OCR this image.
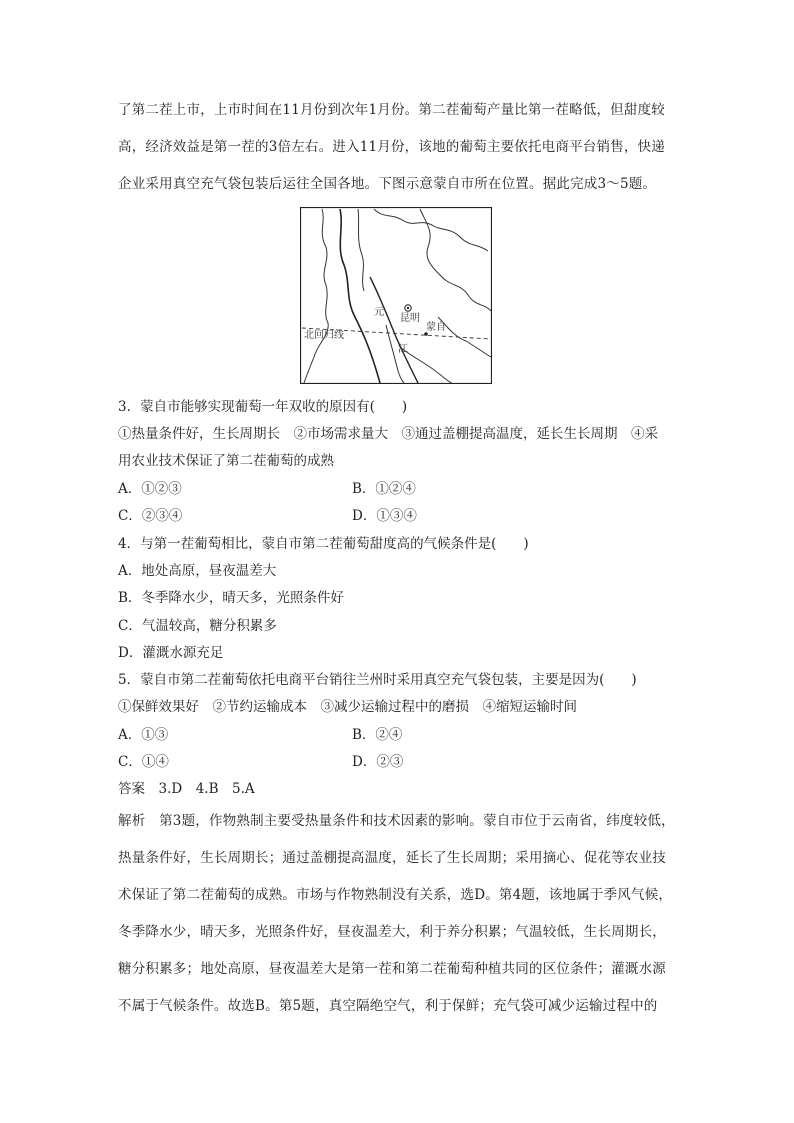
了第二茬上市，上市时间在11月份到次年1月份。第二茬葡萄产量比第一茬略低，但甜度较
高，经济效益是第一茬的3倍左右。进入11月份，该地的葡萄主要依托电商平台销售，快递
企业采用真空充气袋包装后运往全国各地。下图示意蒙自市所在位置。据此完成3～5题。
元
昆明
蒙自
江
北回归线
3．蒙自市能够实现葡萄一年双收的原因有(　　)
①热量条件好，生长周期长　②市场需求量大　③通过盖棚提高温度，延长生长周期　④采
用农业技术保证了第二茬葡萄的成熟
A．①②③	B．①②④
C．②③④	D．①③④
4．与第一茬葡萄相比，蒙自市第二茬葡萄甜度高的气候条件是(　　)
A．地处高原，昼夜温差大
B．冬季降水少，晴天多，光照条件好
C．气温较高，糖分积累多
D．灌溉水源充足
5．蒙自市第二茬葡萄依托电商平台销往兰州时采用真空充气袋包装，主要是因为(　　)
①保鲜效果好　②节约运输成本　③减少运输过程中的磨损　④缩短运输时间
A．①③	B．②④
C．①④	D．②③
答案　3.D　4.B　5.A
解析　第3题，作物熟制主要受热量条件和技术因素的影响。蒙自市位于云南省，纬度较低，
热量条件好，生长周期长；通过盖棚提高温度，延长了生长周期；采用摘心、促花等农业技
术保证了第二茬葡萄的成熟。市场与作物熟制没有关系，选D。第4题，该地属于季风气候，
冬季降水少，晴天多，光照条件好，昼夜温差大，利于养分积累；气温较低，生长周期长，
糖分积累多；地处高原，昼夜温差大是第一茬和第二茬葡萄种植共同的区位条件；灌溉水源
不属于气候条件。故选B。第5题，真空隔绝空气，利于保鲜；充气袋可减少运输过程中的
